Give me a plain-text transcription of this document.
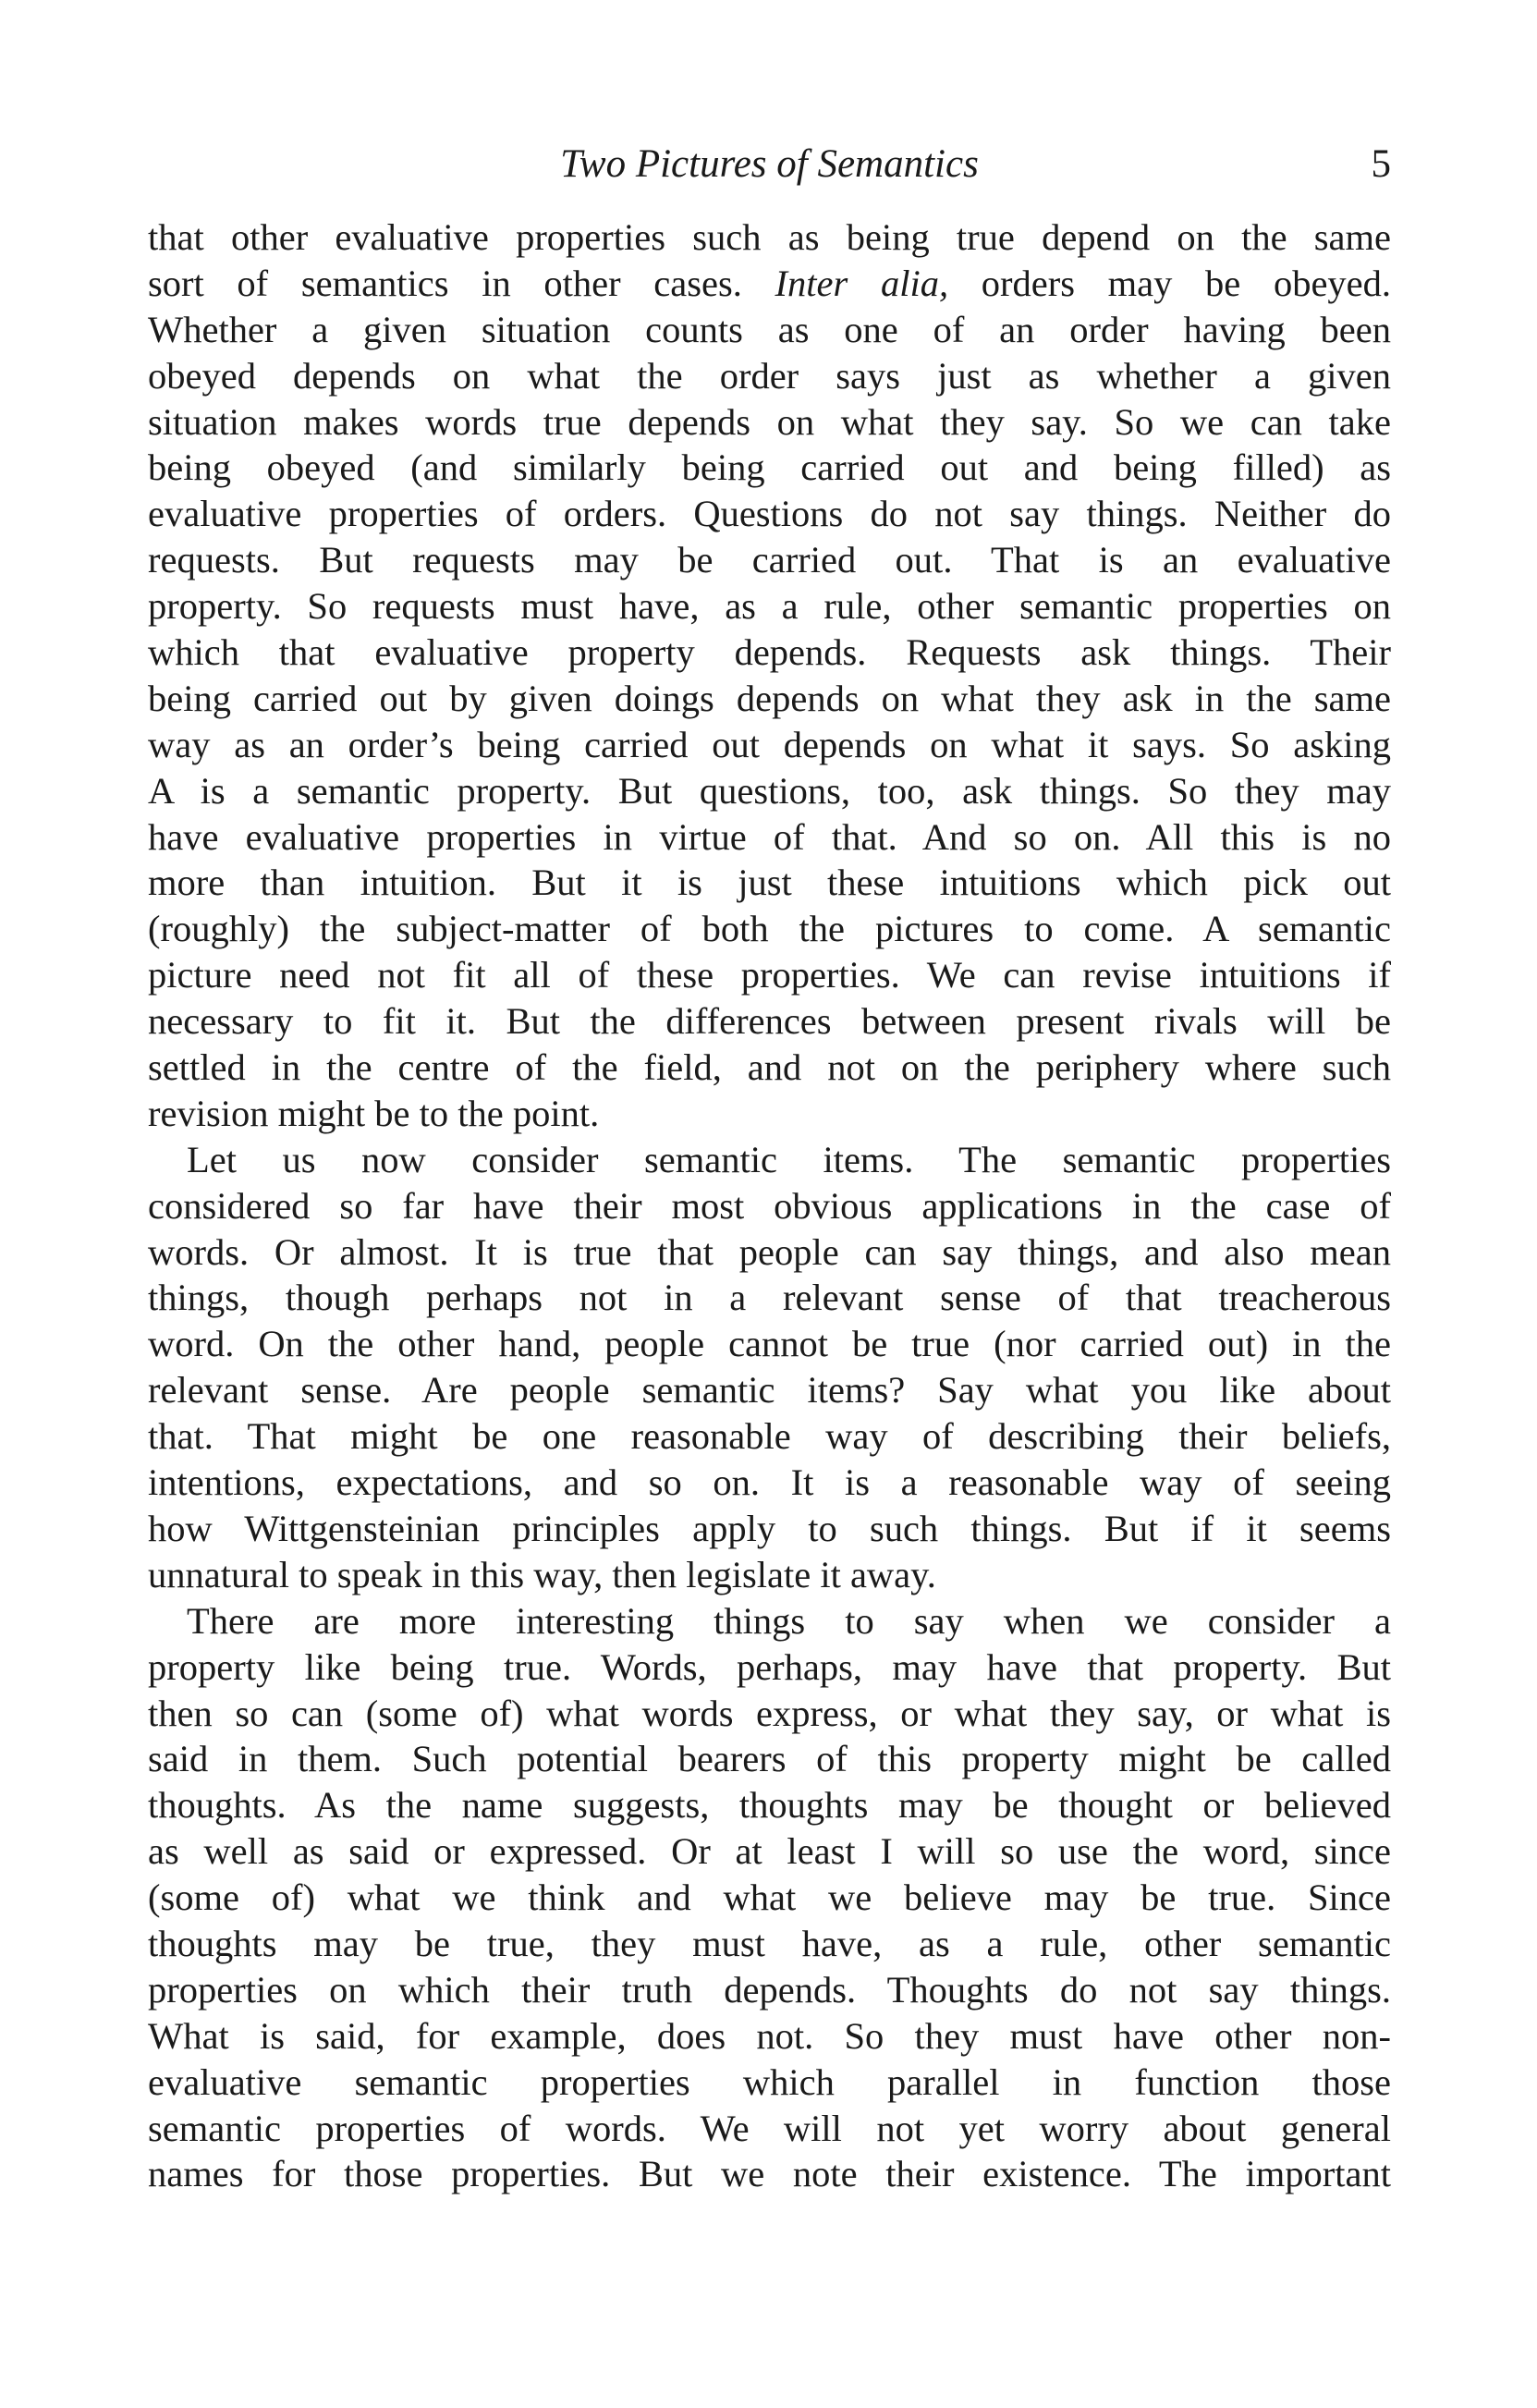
Two Pictures of Semantics	5
that other evaluative properties such as being true depend on the same
sort of semantics in other cases. Inter alia, orders may be obeyed.
Whether a given situation counts as one of an order having been
obeyed depends on what the order says just as whether a given
situation makes words true depends on what they say. So we can take
being obeyed (and similarly being carried out and being filled) as
evaluative properties of orders. Questions do not say things. Neither do
requests. But requests may be carried out. That is an evaluative
property. So requests must have, as a rule, other semantic properties on
which that evaluative property depends. Requests ask things. Their
being carried out by given doings depends on what they ask in the same
way as an order’s being carried out depends on what it says. So asking
A is a semantic property. But questions, too, ask things. So they may
have evaluative properties in virtue of that. And so on. All this is no
more than intuition. But it is just these intuitions which pick out
(roughly) the subject-matter of both the pictures to come. A semantic
picture need not fit all of these properties. We can revise intuitions if
necessary to fit it. But the differences between present rivals will be
settled in the centre of the field, and not on the periphery where such
revision might be to the point.
Let us now consider semantic items. The semantic properties
considered so far have their most obvious applications in the case of
words. Or almost. It is true that people can say things, and also mean
things, though perhaps not in a relevant sense of that treacherous
word. On the other hand, people cannot be true (nor carried out) in the
relevant sense. Are people semantic items? Say what you like about
that. That might be one reasonable way of describing their beliefs,
intentions, expectations, and so on. It is a reasonable way of seeing
how Wittgensteinian principles apply to such things. But if it seems
unnatural to speak in this way, then legislate it away.
There are more interesting things to say when we consider a
property like being true. Words, perhaps, may have that property. But
then so can (some of) what words express, or what they say, or what is
said in them. Such potential bearers of this property might be called
thoughts. As the name suggests, thoughts may be thought or believed
as well as said or expressed. Or at least I will so use the word, since
(some of) what we think and what we believe may be true. Since
thoughts may be true, they must have, as a rule, other semantic
properties on which their truth depends. Thoughts do not say things.
What is said, for example, does not. So they must have other non-
evaluative semantic properties which parallel in function those
semantic properties of words. We will not yet worry about general
names for those properties. But we note their existence. The important
